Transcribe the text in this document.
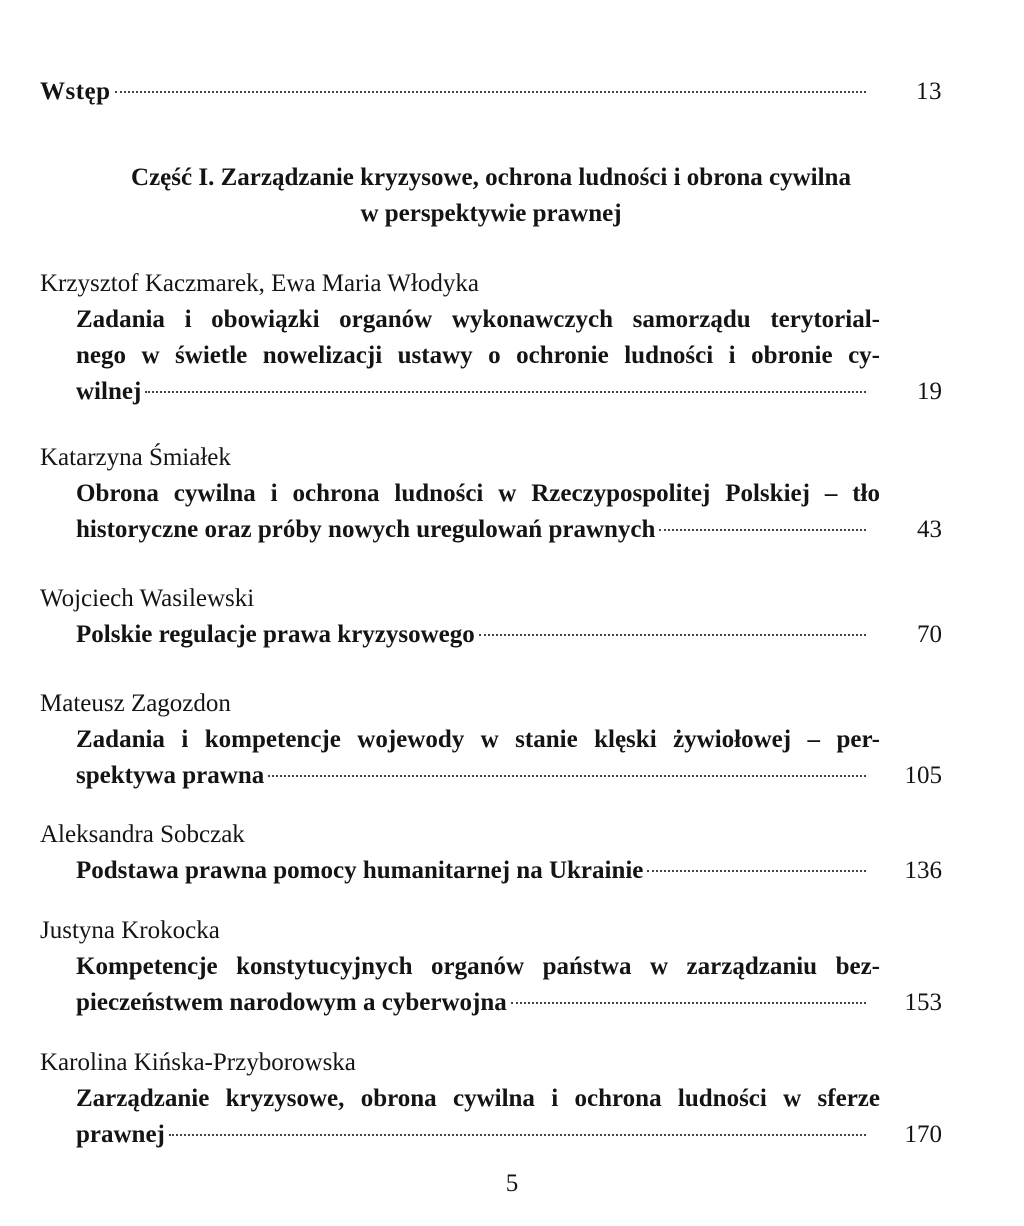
Wstęp	13
Część I. Zarządzanie kryzysowe, ochrona ludności i obrona cywilna
w perspektywie prawnej

Krzysztof Kaczmarek, Ewa Maria Włodyka

Zadania i obowiązki organów wykonawczych samorządu terytorial-

nego w świetle nowelizacji ustawy o ochronie ludności i obronie cy-

wilnej	19

Katarzyna Śmiałek

Obrona cywilna i ochrona ludności w Rzeczypospolitej Polskiej – tło

historyczne oraz próby nowych uregulowań prawnych	43

Wojciech Wasilewski

Polskie regulacje prawa kryzysowego	70

Mateusz Zagozdon

Zadania i kompetencje wojewody w stanie klęski żywiołowej – per-

spektywa prawna	105

Aleksandra Sobczak

Podstawa prawna pomocy humanitarnej na Ukrainie	136

Justyna Krokocka

Kompetencje konstytucyjnych organów państwa w zarządzaniu bez-

pieczeństwem narodowym a cyberwojna	153

Karolina Kińska-Przyborowska

Zarządzanie kryzysowe, obrona cywilna i ochrona ludności w sferze

prawnej	170
5
